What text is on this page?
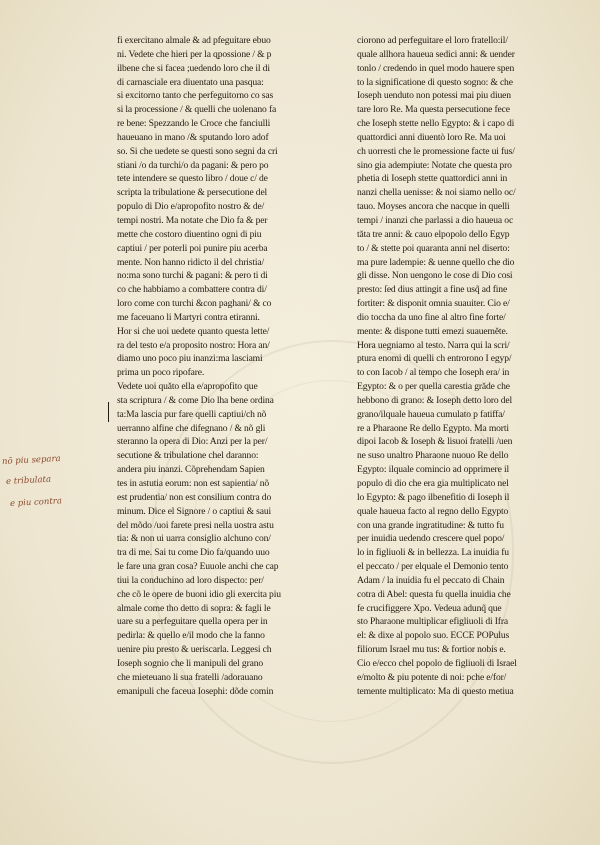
fi exercitano almale & ad pfeguitare ebuo
ni. Vedete che hieri per la ɋpossione / & p
ilbene che si facea ;uedendo loro che il di
di carnasciale era diuentato una pasqua:
si excitorno tanto che perfeguitorno co sas
si la processione / & quelli che uolenano fa
re bene: Spezzando le Croce che fanciulli
haueuano in mano /& sputando loro adof
so. Si che uedete se questi sono segni da cri
stiani /o da turchi/o da pagani: & pero po
tete intendere se questo libro / doue c/ de
scripta la tribulatione & persecutione del
populo di Dio e/apropofito nostro & de/
tempi nostri. Ma notate che Dio fa & per
mette che costoro diuentino ogni di piu
captiui / per poterli poi punire piu acerba
mente. Non hanno ridicto il del christia/
no:ma sono turchi & pagani: & pero ti di
co che habbiamo a combattere contra di/
loro come con turchi &con paghani/ & co
me faceuano li Martyri contra etiranni.
Hor si che uoi uedete quanto questa lette/
ra del testo e/a proposito nostro: Hora an/
diamo uno poco piu inanzi:ma lasciami
prima un poco ripofare.
Vedete uoi quăto ella e/apropofito que
sta scriptura / & come Dio lha bene ordina
ta:Ma lascia pur fare quelli captiui/ch nõ
uerranno alfine che difegnano / & nõ gli
steranno la opera di Dio: Anzi per la per/
secutione & tribulatione chel daranno:
andera piu inanzi. Cõprehendam Sapien
tes in astutia eorum: non est sapientia/ nõ
est prudentia/ non est consilium contra do
minum. Dice el Signore / o captiui & saui
del mõdo /uoi farete presi nella uostra astu
tia: & non ui uarra consiglio alchuno con/
tra di me. Sai tu come Dio fa/quando uuo
le fare una gran cosa? Euuole anchi che cap
tiui la conduchino ad loro dispecto: per/
che cõ le opere de buoni idio gli exercita piu
almale come tho detto di sopra: & fagli le
uare su a perfeguitare quella opera per in
pedirla: & quello e/il modo che la fanno
uenire piu presto & ueriscarla. Leggesi ch
Ioseph sognio che li manipuli del grano
che mieteuano li sua fratelli /adorauano
emanipuli che faceua Iosephi: dõde comin
ciorono ad perfeguitare el loro fratello:il/
quale allhora haueua sedici anni: & uender
tonlo / credendo in quel modo hauere spen
to la significatione di questo sogno: & che
Ioseph uenduto non potessi mai piu diuen
tare loro Re. Ma questa persecutione fece
che Ioseph stette nello Egypto: & i capo di
quattordici anni diuentò loro Re. Ma uoi
ch uorresti che le promessione facte ui fus/
sino gia adempiute: Notate che questa pro
phetia di Ioseph stette quattordici anni in
nanzi chella uenisse: & noi siamo nello oc/
tauo. Moyses ancora che nacque in quelli
tempi / inanzi che parlassi a dio haueua oc
tăta tre anni: & cauo elpopolo dello Egyp
to / & stette poi quaranta anni nel diserto:
ma pure ladempie: & uenne quello che dio
gli disse. Non uengono le cose di Dio cosi
presto: ſed dius attingit a fine usq̃ ad fine
fortiter: & disponit omnia suauiter. Cio e/
dio toccha da uno fine al altro fine forte/
mente: & dispone tutti emezi suauemĕte.
Hora uegniamo al testo. Narra qui la scri/
ptura enomi di quelli ch entrorono I egyp/
to con Iacob / al tempo che Ioseph era/ in
Egypto: & o per quella carestia grăde che
hebbono di grano: & Ioseph detto loro del
grano/ilquale haueua cumulato p fatiffa/
re a Pharaone Re dello Egypto. Ma morti
dipoi Iacob & Ioseph & lisuoi fratelli /uen
ne suso unaltro Pharaone nuouo Re dello
Egypto: ilquale comincio ad opprimere il
populo di dio che era gia multiplicato nel
lo Egypto: & pago ilbenefitio di Ioseph il
quale haueua facto al regno dello Egypto
con una grande ingratitudine: & tutto fu
per inuidia uedendo crescere quel popo/
lo in figliuoli & in bellezza. La inuidia fu
el peccato / per elquale el Demonio tento
Adam / la inuidia fu el peccato di Chain
cotra di Abel: questa fu quella inuidia che
fe crucifiggere Xpo. Vedeua adunq̃ que
sto Pharaone multiplicar efigliuoli di Ifra
el: & dixe al popolo suo. ECCE POPulus
filiorum Israel mu tus: & fortior nobis e.
Cio e/ecco chel popolo de figliuoli di Israel
e/molto & piu potente di noi: pche e/for/
temente multiplicato: Ma di questo metiua
nō piu separa
e tribulata
e piu contra
